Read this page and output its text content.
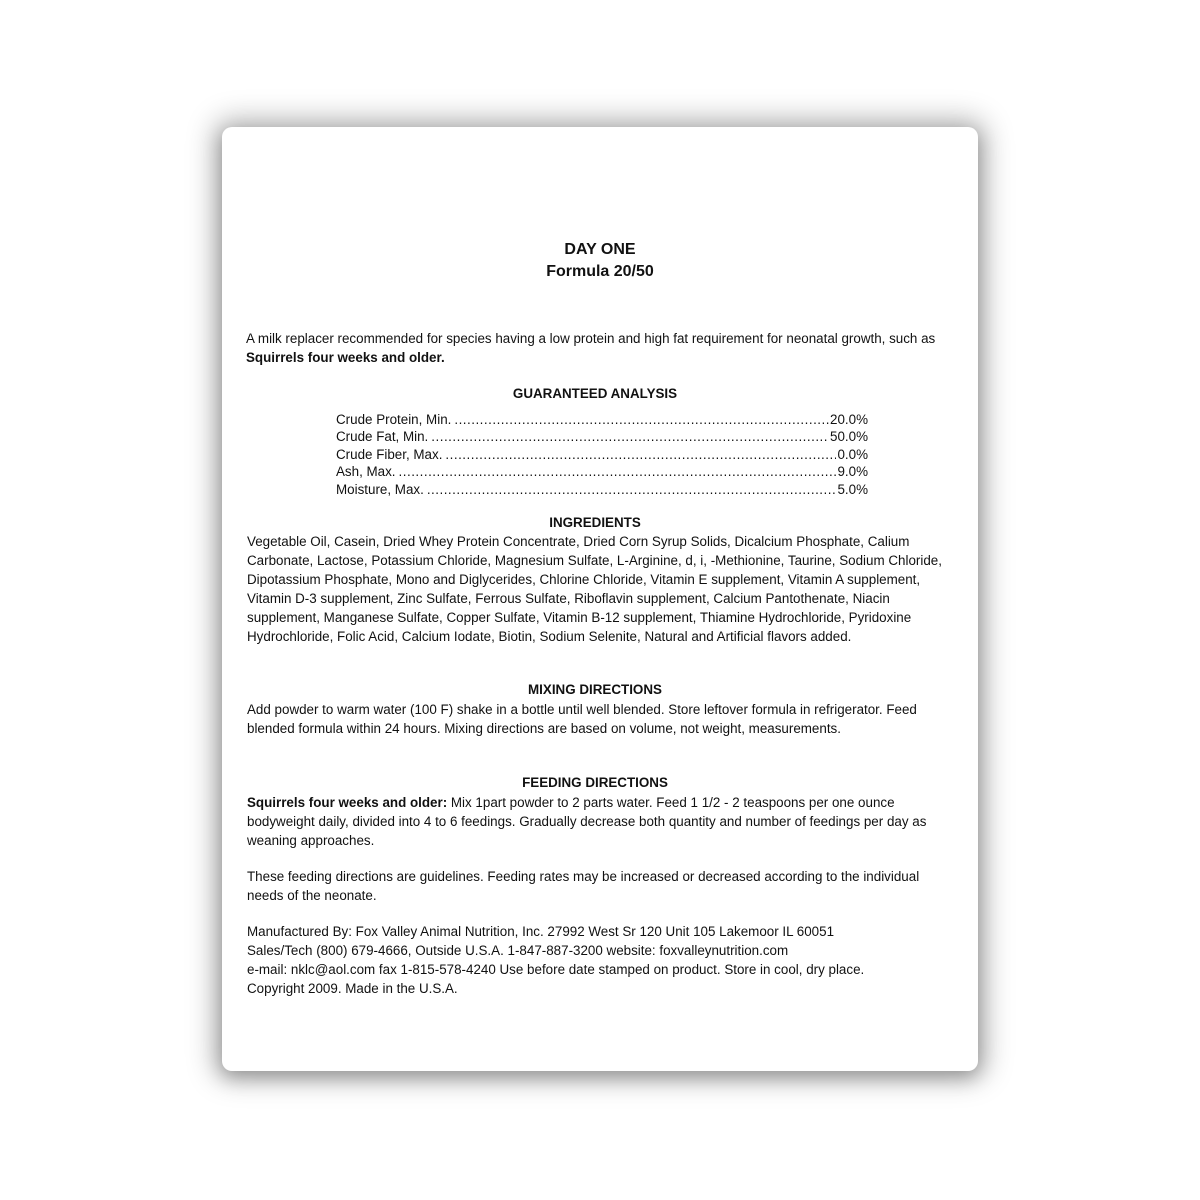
DAY ONE

Formula 20/50

A milk replacer recommended for species having a low protein and high fat requirement for neonatal growth, such as Squirrels four weeks and older.

GUARANTEED ANALYSIS

Crude Protein, Min. .....	20.0%
Crude Fat, Min. .....	50.0%
Crude Fiber, Max. .....	0.0%
Ash, Max. .....	9.0%
Moisture, Max. .....	5.0%

INGREDIENTS

Vegetable Oil, Casein, Dried Whey Protein Concentrate, Dried Corn Syrup Solids, Dicalcium Phosphate, Calium Carbonate, Lactose, Potassium Chloride, Magnesium Sulfate, L-Arginine, d, i, -Methionine, Taurine, Sodium Chloride, Dipotassium Phosphate, Mono and Diglycerides, Chlorine Chloride, Vitamin E supplement, Vitamin A supplement, Vitamin D-3 supplement, Zinc Sulfate, Ferrous Sulfate, Riboflavin supplement, Calcium Pantothenate, Niacin supplement, Manganese Sulfate, Copper Sulfate, Vitamin B-12 supplement, Thiamine Hydrochloride, Pyridoxine Hydrochloride, Folic Acid, Calcium Iodate, Biotin, Sodium Selenite, Natural and Artificial flavors added.

MIXING DIRECTIONS

Add powder to warm water (100 F) shake in a bottle until well blended. Store leftover formula in refrigerator. Feed blended formula within 24 hours. Mixing directions are based on volume, not weight, measurements.

FEEDING DIRECTIONS

Squirrels four weeks and older: Mix 1part powder to 2 parts water. Feed 1 1/2 - 2 teaspoons per one ounce bodyweight daily, divided into 4 to 6 feedings. Gradually decrease both quantity and number of feedings per day as weaning approaches.

These feeding directions are guidelines. Feeding rates may be increased or decreased according to the individual needs of the neonate.

Manufactured By: Fox Valley Animal Nutrition, Inc. 27992 West Sr 120 Unit 105 Lakemoor IL 60051
Sales/Tech (800) 679-4666, Outside U.S.A. 1-847-887-3200 website: foxvalleynutrition.com
e-mail: nklc@aol.com fax 1-815-578-4240 Use before date stamped on product. Store in cool, dry place.
Copyright 2009. Made in the U.S.A.
